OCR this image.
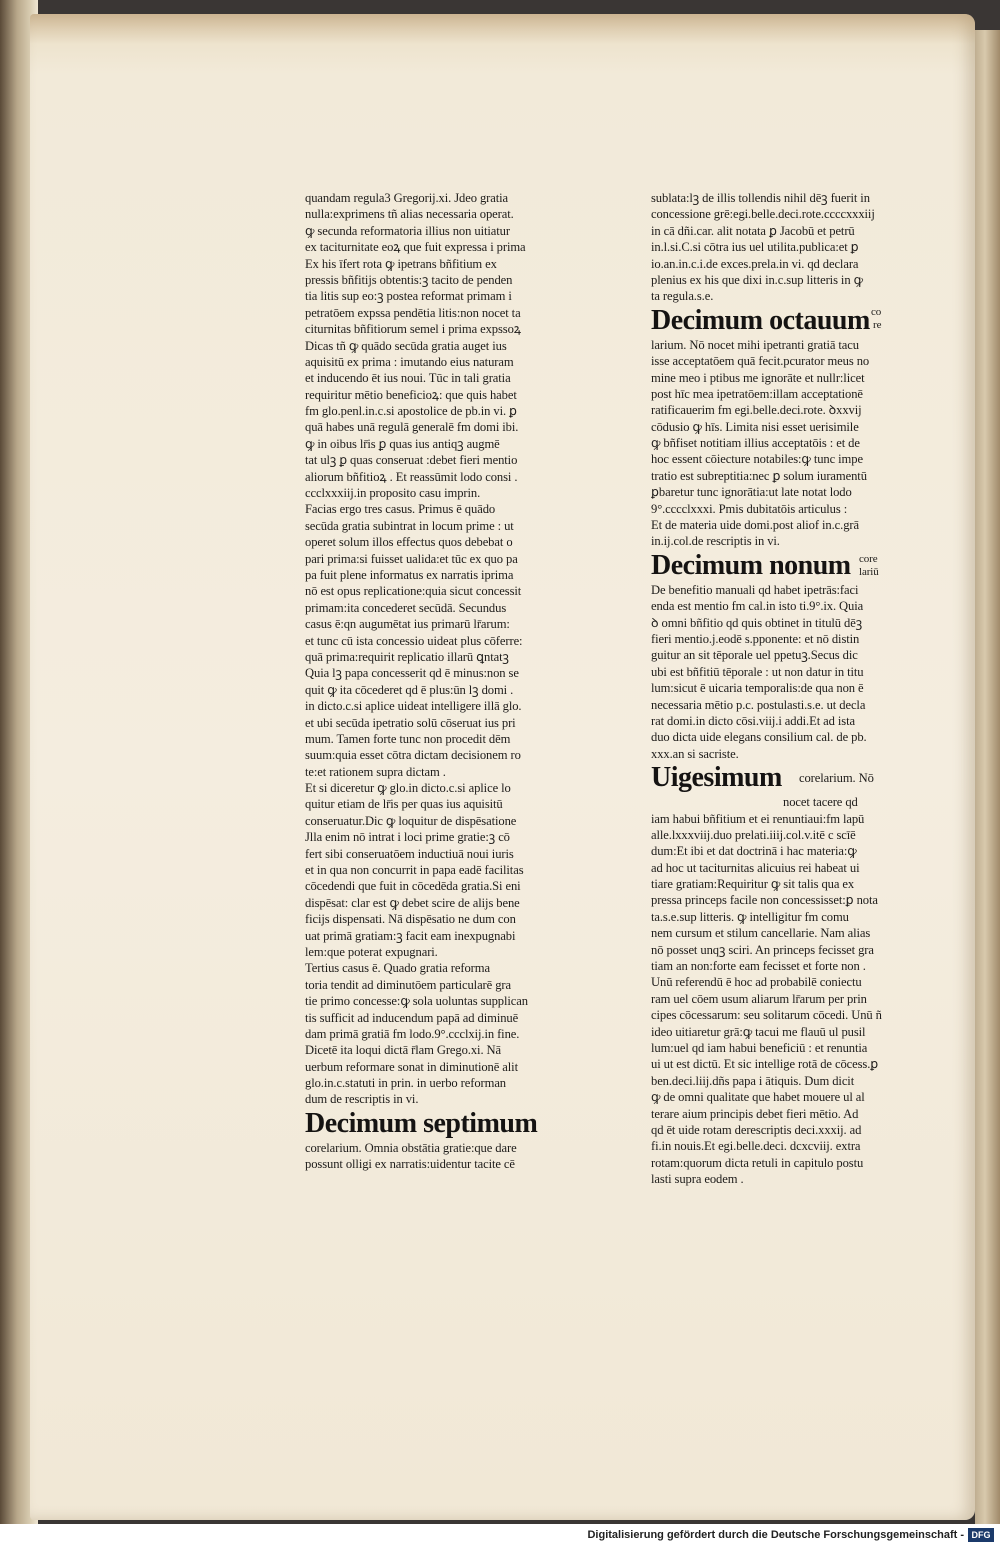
quandam regula3 Gregorij.xi. Jdeo gratia
nulla:exprimens tñ alias necessaria operat.
ꝙ secunda reformatoria illius non uitiatur
ex taciturnitate eoꝝ que fuit expressa i prima
Ex his īfert rota ꝙ ipetrans bñfitium ex
pressis bñfitijs obtentis:ꝫ tacito de penden
tia litis sup eo:ꝫ postea reformat primam i
petratōem expssa pendētia litis:non nocet ta
citurnitas bñfitiorum semel i prima expssoꝝ
Dicas tñ ꝙ quādo secūda gratia auget ius
aquisitū ex prima : imutando eius naturam
et inducendo ēt ius noui. Tūc in tali gratia
requiritur mētio beneficioꝝ: que quis habet
fm glo.penl.in.c.si apostolice de pb.in vi. ꝑ
quā habes unā regulā generalē fm domi ibi.
ꝙ in oibus lr̄is ꝑ quas ius antiqꝫ augmē
tat ulꝫ ꝑ quas conseruat :debet fieri mentio
aliorum bñfitioꝝ . Et reassūmit lodo consi .
ccclxxxiij.in proposito casu imprin.
Facias ergo tres casus. Primus ē quādo
secūda gratia subintrat in locum prime : ut
operet solum illos effectus quos debebat o
pari prima:si fuisset ualida:et tūc ex quo pa
pa fuit plene informatus ex narratis iprima
nō est opus replicatione:quia sicut concessit
primam:ita concederet secūdā. Secundus
casus ē:qn augumētat ius primarū lr̄arum:
et tunc cū ista concessio uideat plus cōferre:
quā prima:requirit replicatio illarū ꝗntatꝫ
Quia lꝫ papa concesserit qd ē minus:non se
quit ꝙ ita cōcederet qd ē plus:ūn lꝫ domi .
in dicto.c.si aplice uideat intelligere illā glo.
et ubi secūda ipetratio solū cōseruat ius pri
mum. Tamen forte tunc non procedit dēm
suum:quia esset cōtra dictam decisionem ro
te:et rationem supra dictam .
Et si diceretur ꝙ glo.in dicto.c.si aplice lo
quitur etiam de lr̄is per quas ius aquisitū
conseruatur.Dic ꝙ loquitur de dispēsatione
Jlla enim nō intrat i loci prime gratie:ꝫ cō
fert sibi conseruatōem inductiuā noui iuris
et in qua non concurrit in papa eadē facilitas
cōcedendi que fuit in cōcedēda gratia.Si eni
dispēsat: clar est ꝙ debet scire de alijs bene
ficijs dispensati. Nā dispēsatio ne dum con
uat primā gratiam:ꝫ facit eam inexpugnabi
lem:que poterat expugnari.
Tertius casus ē. Quado gratia reforma
toria tendit ad diminutōem particularē gra
tie primo concesse:ꝙ sola uoluntas supplican
tis sufficit ad inducendum papā ad diminuē
dam primā gratiā fm lodo.9°.ccclxij.in fine.
Dicetē ita loqui dictā r̄lam Grego.xi. Nā
uerbum reformare sonat in diminutionē alit
glo.in.c.statuti in prin. in uerbo reforman
dum de rescriptis in vi.
Decimum septimum
corelarium. Omnia obstātia gratie:que dare
possunt olligi ex narratis:uidentur tacite cē
sublata:lꝫ de illis tollendis nihil dēꝫ fuerit in
concessione grē:egi.belle.deci.rote.ccccxxxiij
in cā dñi.car. alit notata ꝑ Jacobū et petrū
in.l.si.C.si cōtra ius uel utilita.publica:et ꝑ
io.an.in.c.i.de exces.prela.in vi. qd declara
plenius ex his que dixi in.c.sup litteris in ꝙ
ta regula.s.e.
Decimum octauum co
re
larium. Nō nocet mihi ipetranti gratiā tacu
isse acceptatōem quā fecit.pcurator meus no
mine meo i ptibus me ignorāte et nullr:licet
post hīc mea ipetratōem:illam acceptationē
ratificauerim fm egi.belle.deci.rote. ꝺxxvij
cōdusio ꝙ hīs. Limita nisi esset uerisimile
ꝙ bñfiset notitiam illius acceptatōis : et de
hoc essent cōiecture notabiles:ꝙ tunc impe
tratio est subreptitia:nec ꝑ solum iuramentū
ꝑbaretur tunc ignorātia:ut late notat lodo
9°.cccclxxxi. Pmis dubitatōis articulus :
Et de materia uide domi.post aliof in.c.grā
in.ij.col.de rescriptis in vi.
Decimum nonum core
lariū
De benefitio manuali qd habet ipetrās:faci
enda est mentio fm cal.in isto ti.9°.ix. Quia
ꝺ omni bñfitio qd quis obtinet in titulū dēꝫ
fieri mentio.j.eodē s.pponente: et nō distin
guitur an sit tēporale uel ppetuꝫ.Secus dic
ubi est bñfitiū tēporale : ut non datur in titu
lum:sicut ē uicaria temporalis:de qua non ē
necessaria mētio p.c. postulasti.s.e. ut decla
rat domi.in dicto cōsi.viij.i addi.Et ad ista
duo dicta uide elegans consilium cal. de pb.
xxx.an si sacriste.
Uigesimum corelarium. Nō
nocet tacere qd
iam habui bñfitium et ei renuntiaui:fm lapū
alle.lxxxviij.duo prelati.iiij.col.v.itē c scīē
dum:Et ibi et dat doctrinā i hac materia:ꝙ
ad hoc ut taciturnitas alicuius rei habeat ui
tiare gratiam:Requiritur ꝙ sit talis qua ex
pressa princeps facile non concessisset:ꝑ nota
ta.s.e.sup litteris. ꝙ intelligitur fm comu
nem cursum et stilum cancellarie. Nam alias
nō posset unqꝫ sciri. An princeps fecisset gra
tiam an non:forte eam fecisset et forte non .
Unū referendū ē hoc ad probabilē coniectu
ram uel cōem usum aliarum lr̄arum per prin
cipes cōcessarum: seu solitarum cōcedi. Unū ñ
ideo uitiaretur grā:ꝙ tacui me flauū ul pusil
lum:uel qd iam habui beneficiū : et renuntia
ui ut est dictū. Et sic intellige rotā de cōcess.ꝑ
ben.deci.liij.dñs papa i ātiquis. Dum dicit
ꝙ de omni qualitate que habet mouere ul al
terare aium principis debet fieri mētio. Ad
qd ēt uide rotam derescriptis deci.xxxij. ad
fi.in nouis.Et egi.belle.deci. dcxcviij. extra
rotam:quorum dicta retuli in capitulo postu
lasti supra eodem .
Digitalisierung gefördert durch die Deutsche Forschungsgemeinschaft - DFG
